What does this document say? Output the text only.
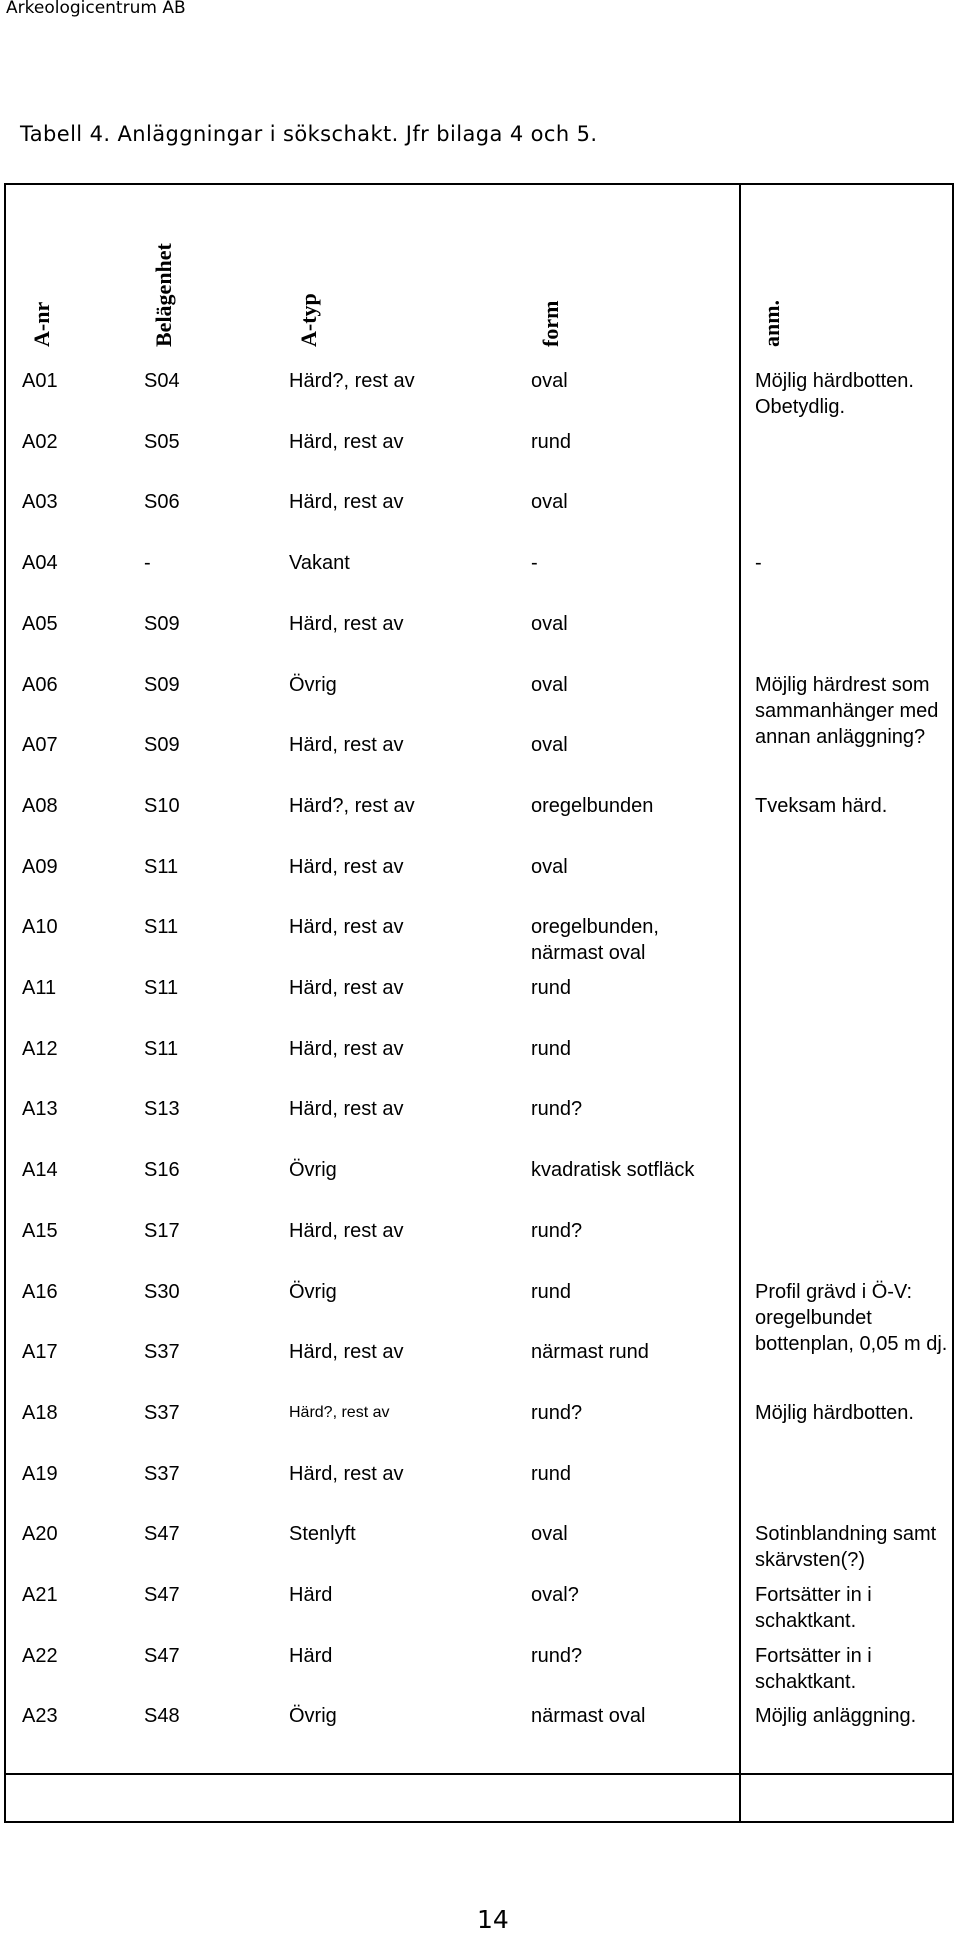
Arkeologicentrum AB
Tabell 4. Anläggningar i sökschakt. Jfr bilaga 4 och 5.
A-nr	Belägenhet	A-typ	form	anm.
A01	S04	Härd?, rest av	oval	Möjlig härdbotten. Obetydlig.
A02	S05	Härd, rest av	rund
A03	S06	Härd, rest av	oval
A04	-	Vakant	-	-
A05	S09	Härd, rest av	oval
A06	S09	Övrig	oval	Möjlig härdrest som sammanhänger med annan anläggning?
A07	S09	Härd, rest av	oval
A08	S10	Härd?, rest av	oregelbunden	Tveksam härd.
A09	S11	Härd, rest av	oval
A10	S11	Härd, rest av	oregelbunden,
närmast oval
A11	S11	Härd, rest av	rund
A12	S11	Härd, rest av	rund
A13	S13	Härd, rest av	rund?
A14	S16	Övrig	kvadratisk sotfläck
A15	S17	Härd, rest av	rund?
A16	S30	Övrig	rund	Profil grävd i Ö-V: oregelbundet bottenplan, 0,05 m dj.
A17	S37	Härd, rest av	närmast rund
A18	S37	Härd?, rest av	rund?	Möjlig härdbotten.
A19	S37	Härd, rest av	rund
A20	S47	Stenlyft	oval	Sotinblandning samt skärvsten(?)
A21	S47	Härd	oval?	Fortsätter in i schaktkant.
A22	S47	Härd	rund?	Fortsätter in i schaktkant.
A23	S48	Övrig	närmast oval	Möjlig anläggning.
14
